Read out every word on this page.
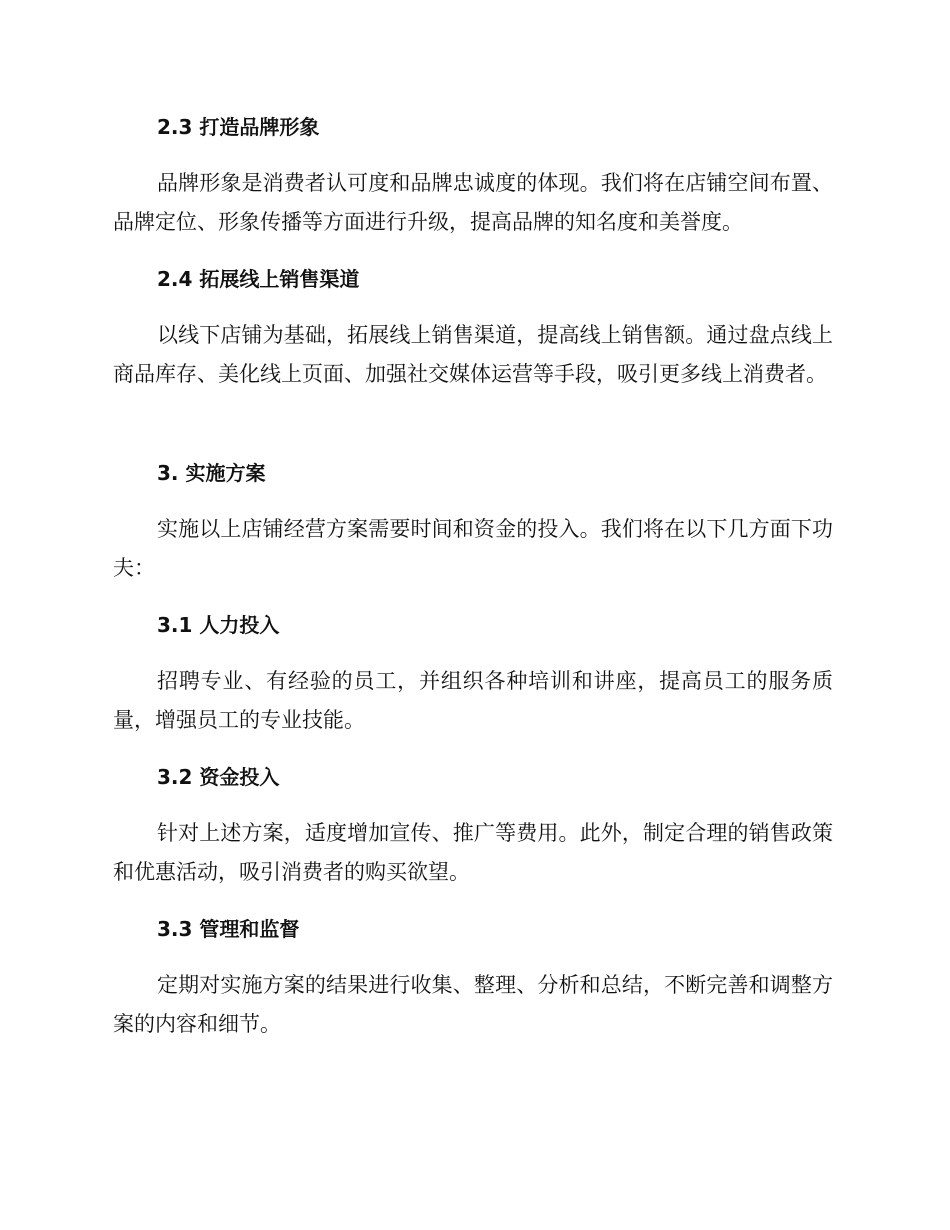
2.3 打造品牌形象

品牌形象是消费者认可度和品牌忠诚度的体现。我们将在店铺空间布置、品牌定位、形象传播等方面进行升级，提高品牌的知名度和美誉度。

2.4 拓展线上销售渠道

以线下店铺为基础，拓展线上销售渠道，提高线上销售额。通过盘点线上商品库存、美化线上页面、加强社交媒体运营等手段，吸引更多线上消费者。

3. 实施方案

实施以上店铺经营方案需要时间和资金的投入。我们将在以下几方面下功夫：

3.1 人力投入

招聘专业、有经验的员工，并组织各种培训和讲座，提高员工的服务质量，增强员工的专业技能。

3.2 资金投入

针对上述方案，适度增加宣传、推广等费用。此外，制定合理的销售政策和优惠活动，吸引消费者的购买欲望。

3.3 管理和监督

定期对实施方案的结果进行收集、整理、分析和总结，不断完善和调整方案的内容和细节。
